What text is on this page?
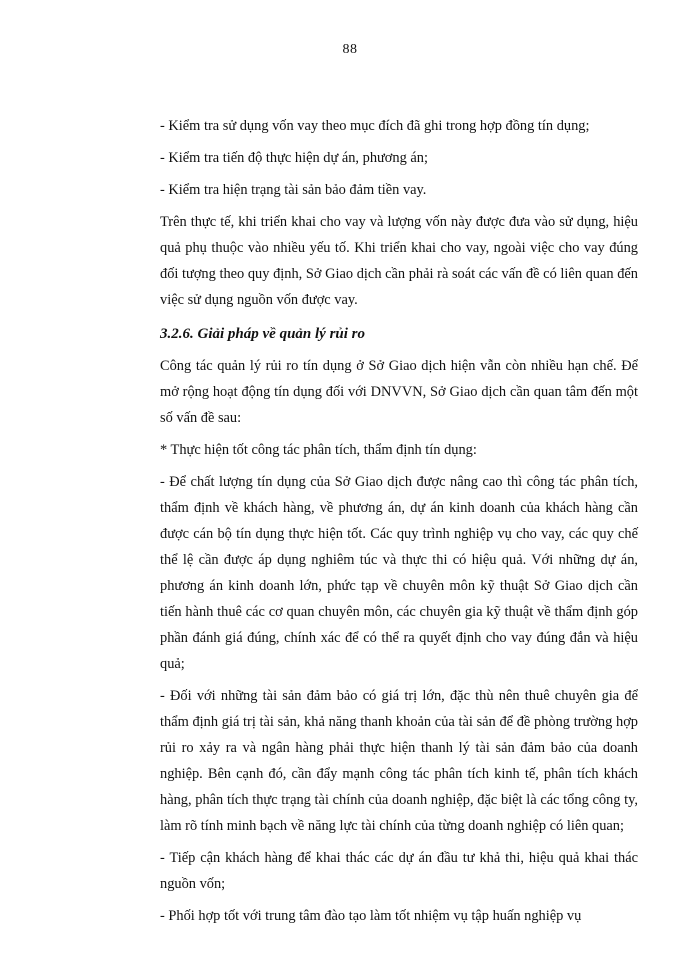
88

- Kiểm tra sử dụng vốn vay theo mục đích đã ghi trong hợp đồng tín dụng;

- Kiểm tra tiến độ thực hiện dự án, phương án;

- Kiểm tra hiện trạng tài sản bảo đảm tiền vay.

Trên thực tế, khi triển khai cho vay và lượng vốn này được đưa vào sử dụng, hiệu quả phụ thuộc vào nhiều yếu tố. Khi triển khai cho vay, ngoài việc cho vay đúng đối tượng theo quy định, Sở Giao dịch cần phải rà soát các vấn đề có liên quan đến việc sử dụng nguồn vốn được vay.

3.2.6. Giải pháp về quản lý rủi ro

Công tác quản lý rủi ro tín dụng ở Sở Giao dịch hiện vẫn còn nhiều hạn chế. Để mở rộng hoạt động tín dụng đối với DNVVN, Sở Giao dịch cần quan tâm đến một số vấn đề sau:

* Thực hiện tốt công tác phân tích, thẩm định tín dụng:

- Để chất lượng tín dụng của Sở Giao dịch được nâng cao thì công tác phân tích, thẩm định về khách hàng, về phương án, dự án kinh doanh của khách hàng cần được cán bộ tín dụng thực hiện tốt. Các quy trình nghiệp vụ cho vay, các quy chế thể lệ cần được áp dụng nghiêm túc và thực thi có hiệu quả. Với những dự án, phương án kinh doanh lớn, phức tạp về chuyên môn kỹ thuật Sở Giao dịch cần tiến hành thuê các cơ quan chuyên môn, các chuyên gia kỹ thuật về thẩm định góp phần đánh giá đúng, chính xác để có thể ra quyết định cho vay đúng đắn và hiệu quả;

- Đối với những tài sản đảm bảo có giá trị lớn, đặc thù nên thuê chuyên gia để thẩm định giá trị tài sản, khả năng thanh khoản của tài sản để đề phòng trường hợp rủi ro xảy ra và ngân hàng phải thực hiện thanh lý tài sản đảm bảo của doanh nghiệp. Bên cạnh đó, cần đẩy mạnh công tác phân tích kinh tế, phân tích khách hàng, phân tích thực trạng tài chính của doanh nghiệp, đặc biệt là các tổng công ty, làm rõ tính minh bạch về năng lực tài chính của từng doanh nghiệp có liên quan;

- Tiếp cận khách hàng để khai thác các dự án đầu tư khả thi, hiệu quả khai thác nguồn vốn;

- Phối hợp tốt với trung tâm đào tạo làm tốt nhiệm vụ tập huấn nghiệp vụ
